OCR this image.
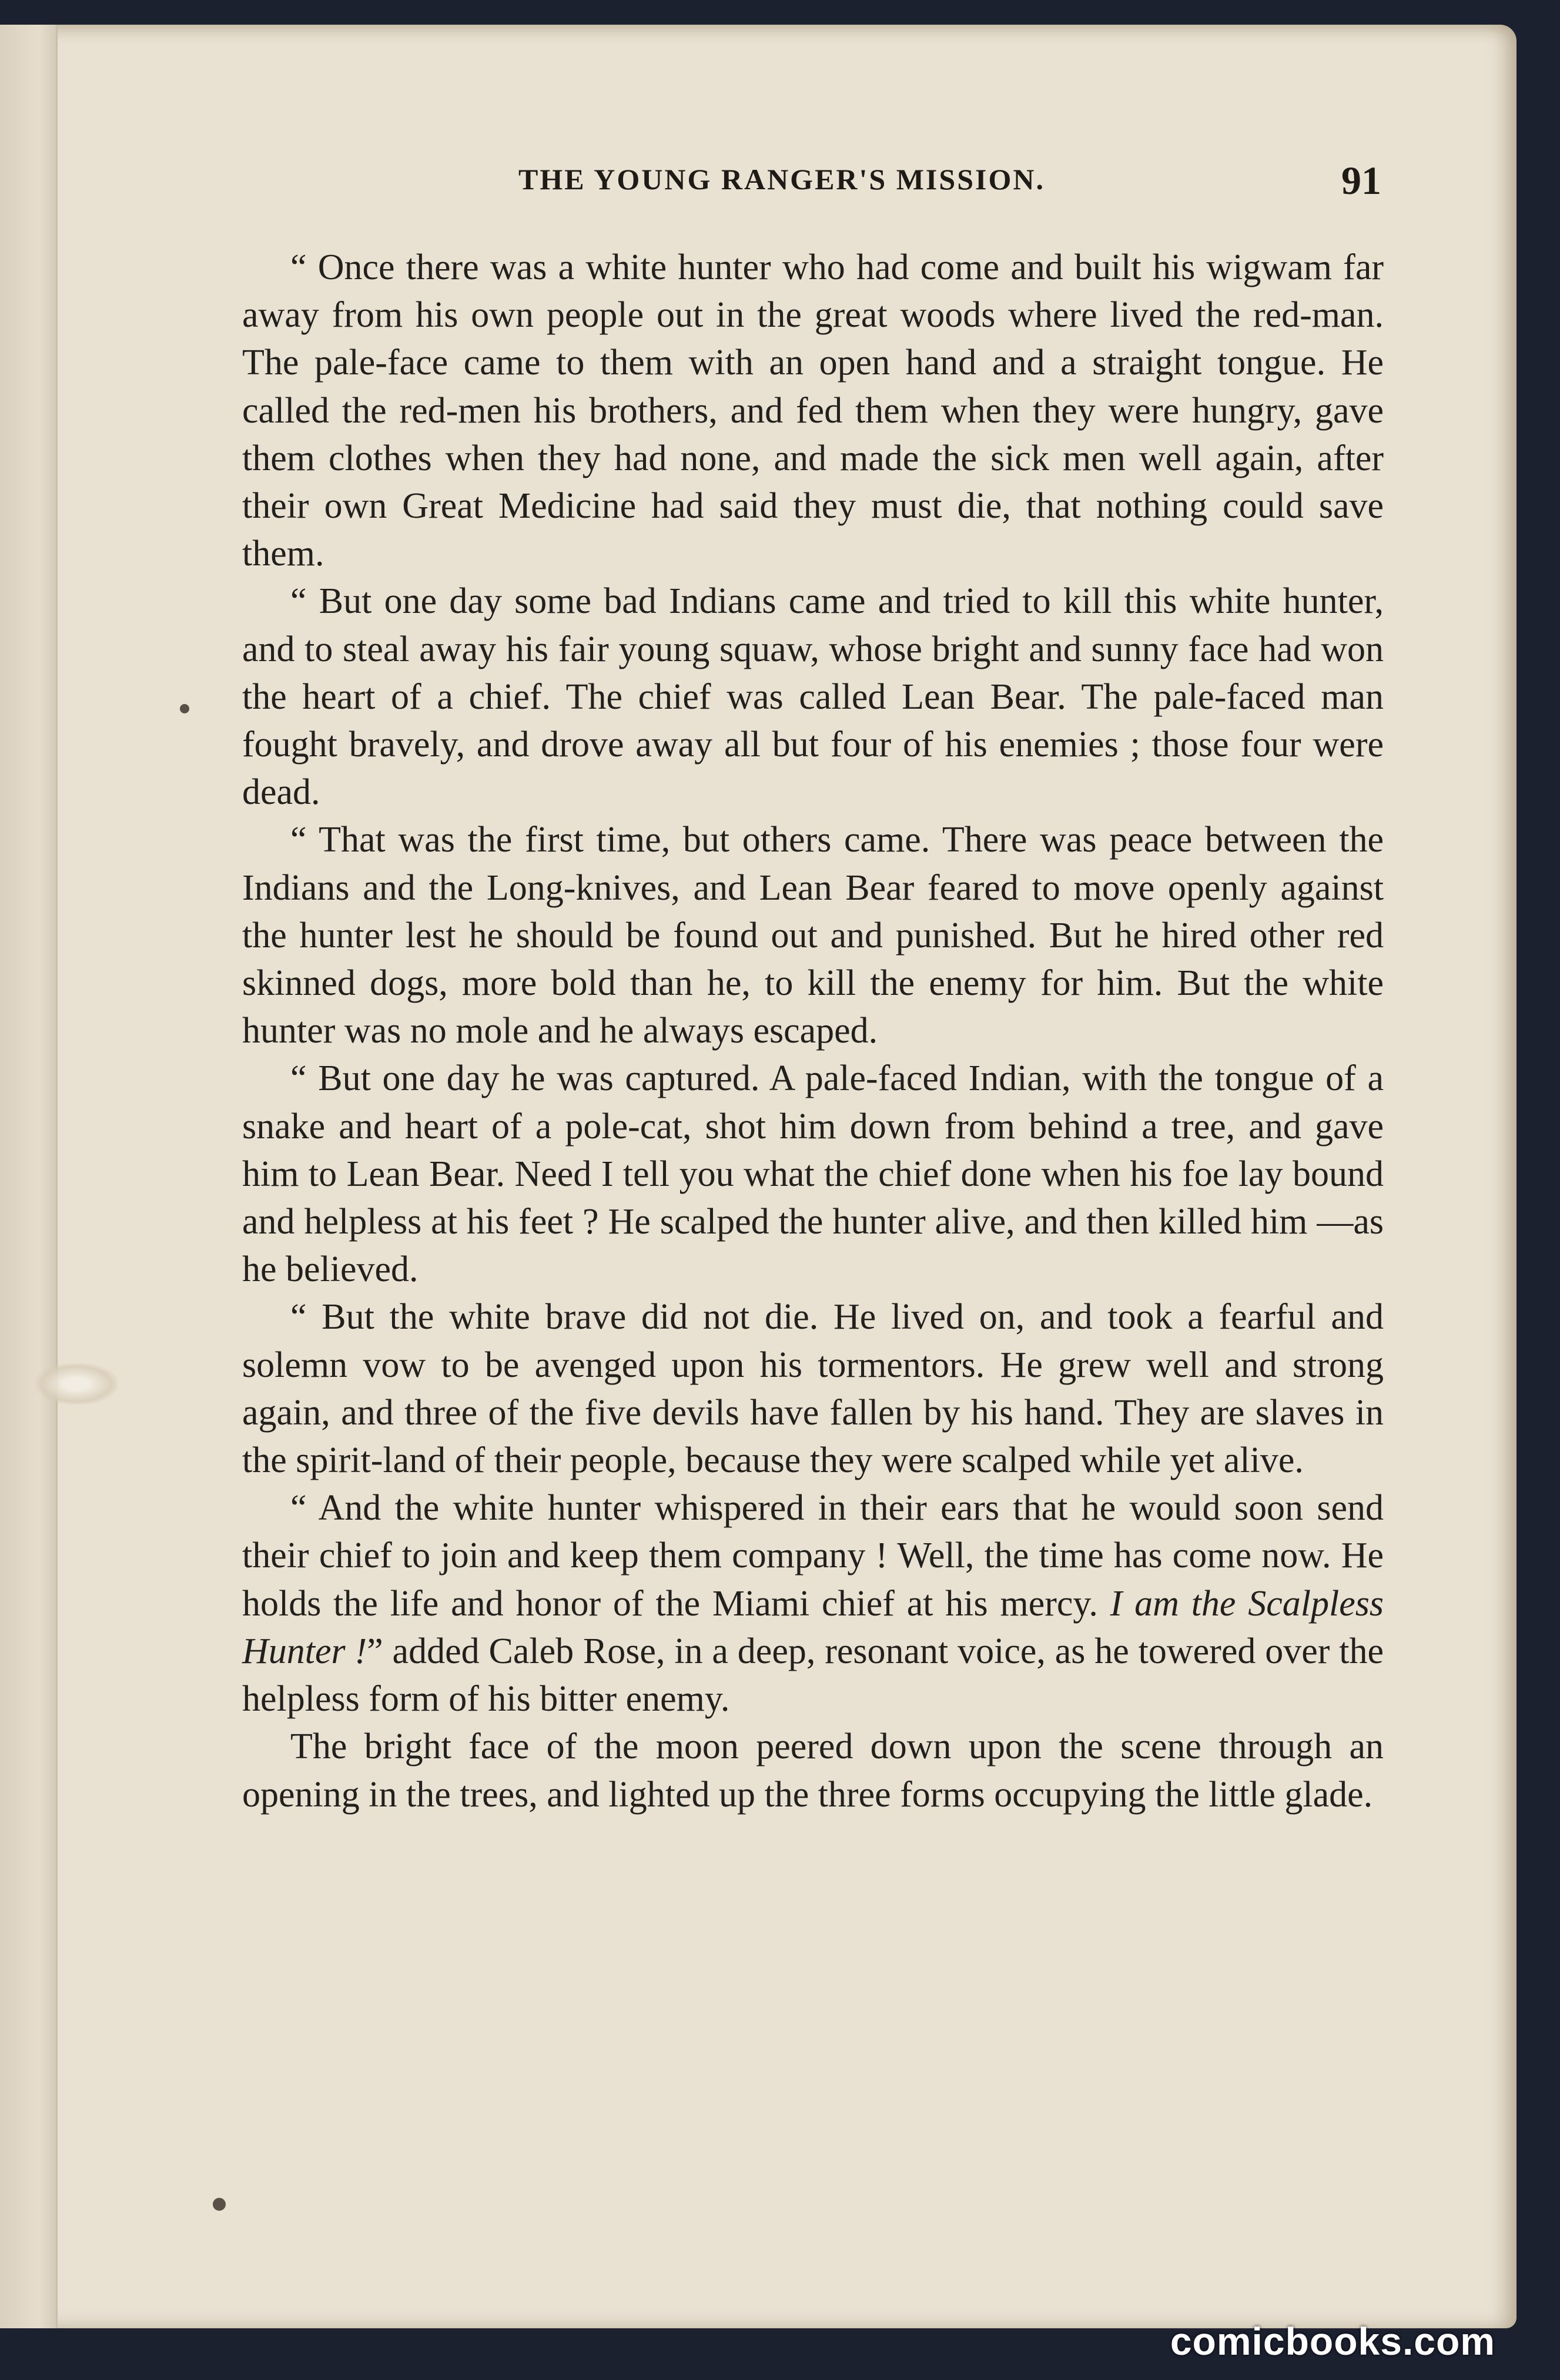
THE YOUNG RANGER'S MISSION.	91

“ Once there was a white hunter who had come and built his wigwam far away from his own people out in the great woods where lived the red-man. The pale-face came to them with an open hand and a straight tongue. He called the red-men his brothers, and fed them when they were hungry, gave them clothes when they had none, and made the sick men well again, after their own Great Medicine had said they must die, that nothing could save them.

“ But one day some bad Indians came and tried to kill this white hunter, and to steal away his fair young squaw, whose bright and sunny face had won the heart of a chief. The chief was called Lean Bear. The pale-faced man fought bravely, and drove away all but four of his enemies ; those four were dead.

“ That was the first time, but others came. There was peace between the Indians and the Long-knives, and Lean Bear feared to move openly against the hunter lest he should be found out and punished. But he hired other red skinned dogs, more bold than he, to kill the enemy for him. But the white hunter was no mole and he always escaped.

“ But one day he was captured. A pale-faced Indian, with the tongue of a snake and heart of a pole-cat, shot him down from behind a tree, and gave him to Lean Bear. Need I tell you what the chief done when his foe lay bound and helpless at his feet ? He scalped the hunter alive, and then killed him —as he believed.

“ But the white brave did not die. He lived on, and took a fearful and solemn vow to be avenged upon his tormentors. He grew well and strong again, and three of the five devils have fallen by his hand. They are slaves in the spirit-land of their people, because they were scalped while yet alive.

“ And the white hunter whispered in their ears that he would soon send their chief to join and keep them company ! Well, the time has come now. He holds the life and honor of the Miami chief at his mercy. I am the Scalpless Hunter !” added Caleb Rose, in a deep, resonant voice, as he towered over the helpless form of his bitter enemy.

The bright face of the moon peered down upon the scene through an opening in the trees, and lighted up the three forms occupying the little glade.

comicbooks.com
